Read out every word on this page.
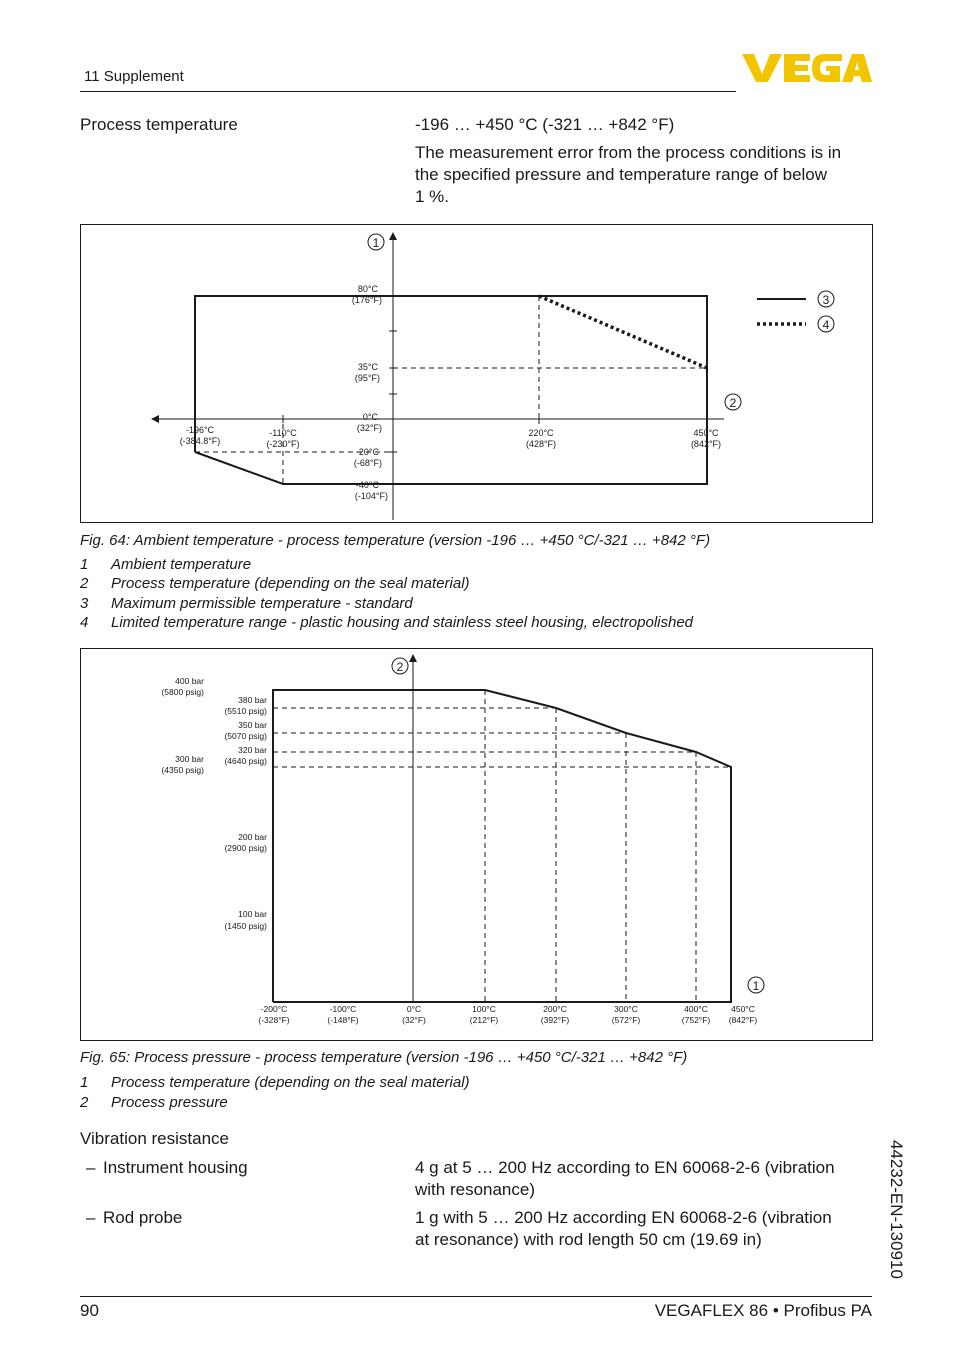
11 Supplement
Process temperature	-196 … +450 °C (-321 … +842 °F)
The measurement error from the process conditions is in
the specified pressure and temperature range of below
1 %.
80°C
(176°F)
35°C
(95°F)
0°C
(32°F)
-20°C
(-68°F)
-40°C
(-104°F)
-196°C
(-384.8°F)
-110°C
(-230°F)
220°C
(428°F)
450°C
(842°F)
1
2
3
4
Fig. 64: Ambient temperature - process temperature (version -196 … +450 °C/-321 … +842 °F)
1 Ambient temperature
2 Process temperature (depending on the seal material)
3 Maximum permissible temperature - standard
4 Limited temperature range - plastic housing and stainless steel housing, electropolished
400 bar
(5800 psig)
380 bar
(5510 psig)
350 bar
(5070 psig)
320 bar
(4640 psig)
300 bar
(4350 psig)
200 bar
(2900 psig)
100 bar
(1450 psig)
-200°C
(-328°F)
-100°C
(-148°F)
0°C
(32°F)
100°C
(212°F)
200°C
(392°F)
300°C
(572°F)
400°C
(752°F)
450°C
(842°F)
2
1
Fig. 65: Process pressure - process temperature (version -196 … +450 °C/-321 … +842 °F)
1 Process temperature (depending on the seal material)
2 Process pressure
Vibration resistance
– Instrument housing	4 g at 5 … 200 Hz according to EN 60068-2-6 (vibration
with resonance)
– Rod probe	1 g with 5 … 200 Hz according EN 60068-2-6 (vibration
at resonance) with rod length 50 cm (19.69 in)	44232-EN-130910
90	VEGAFLEX 86 • Profibus PA
